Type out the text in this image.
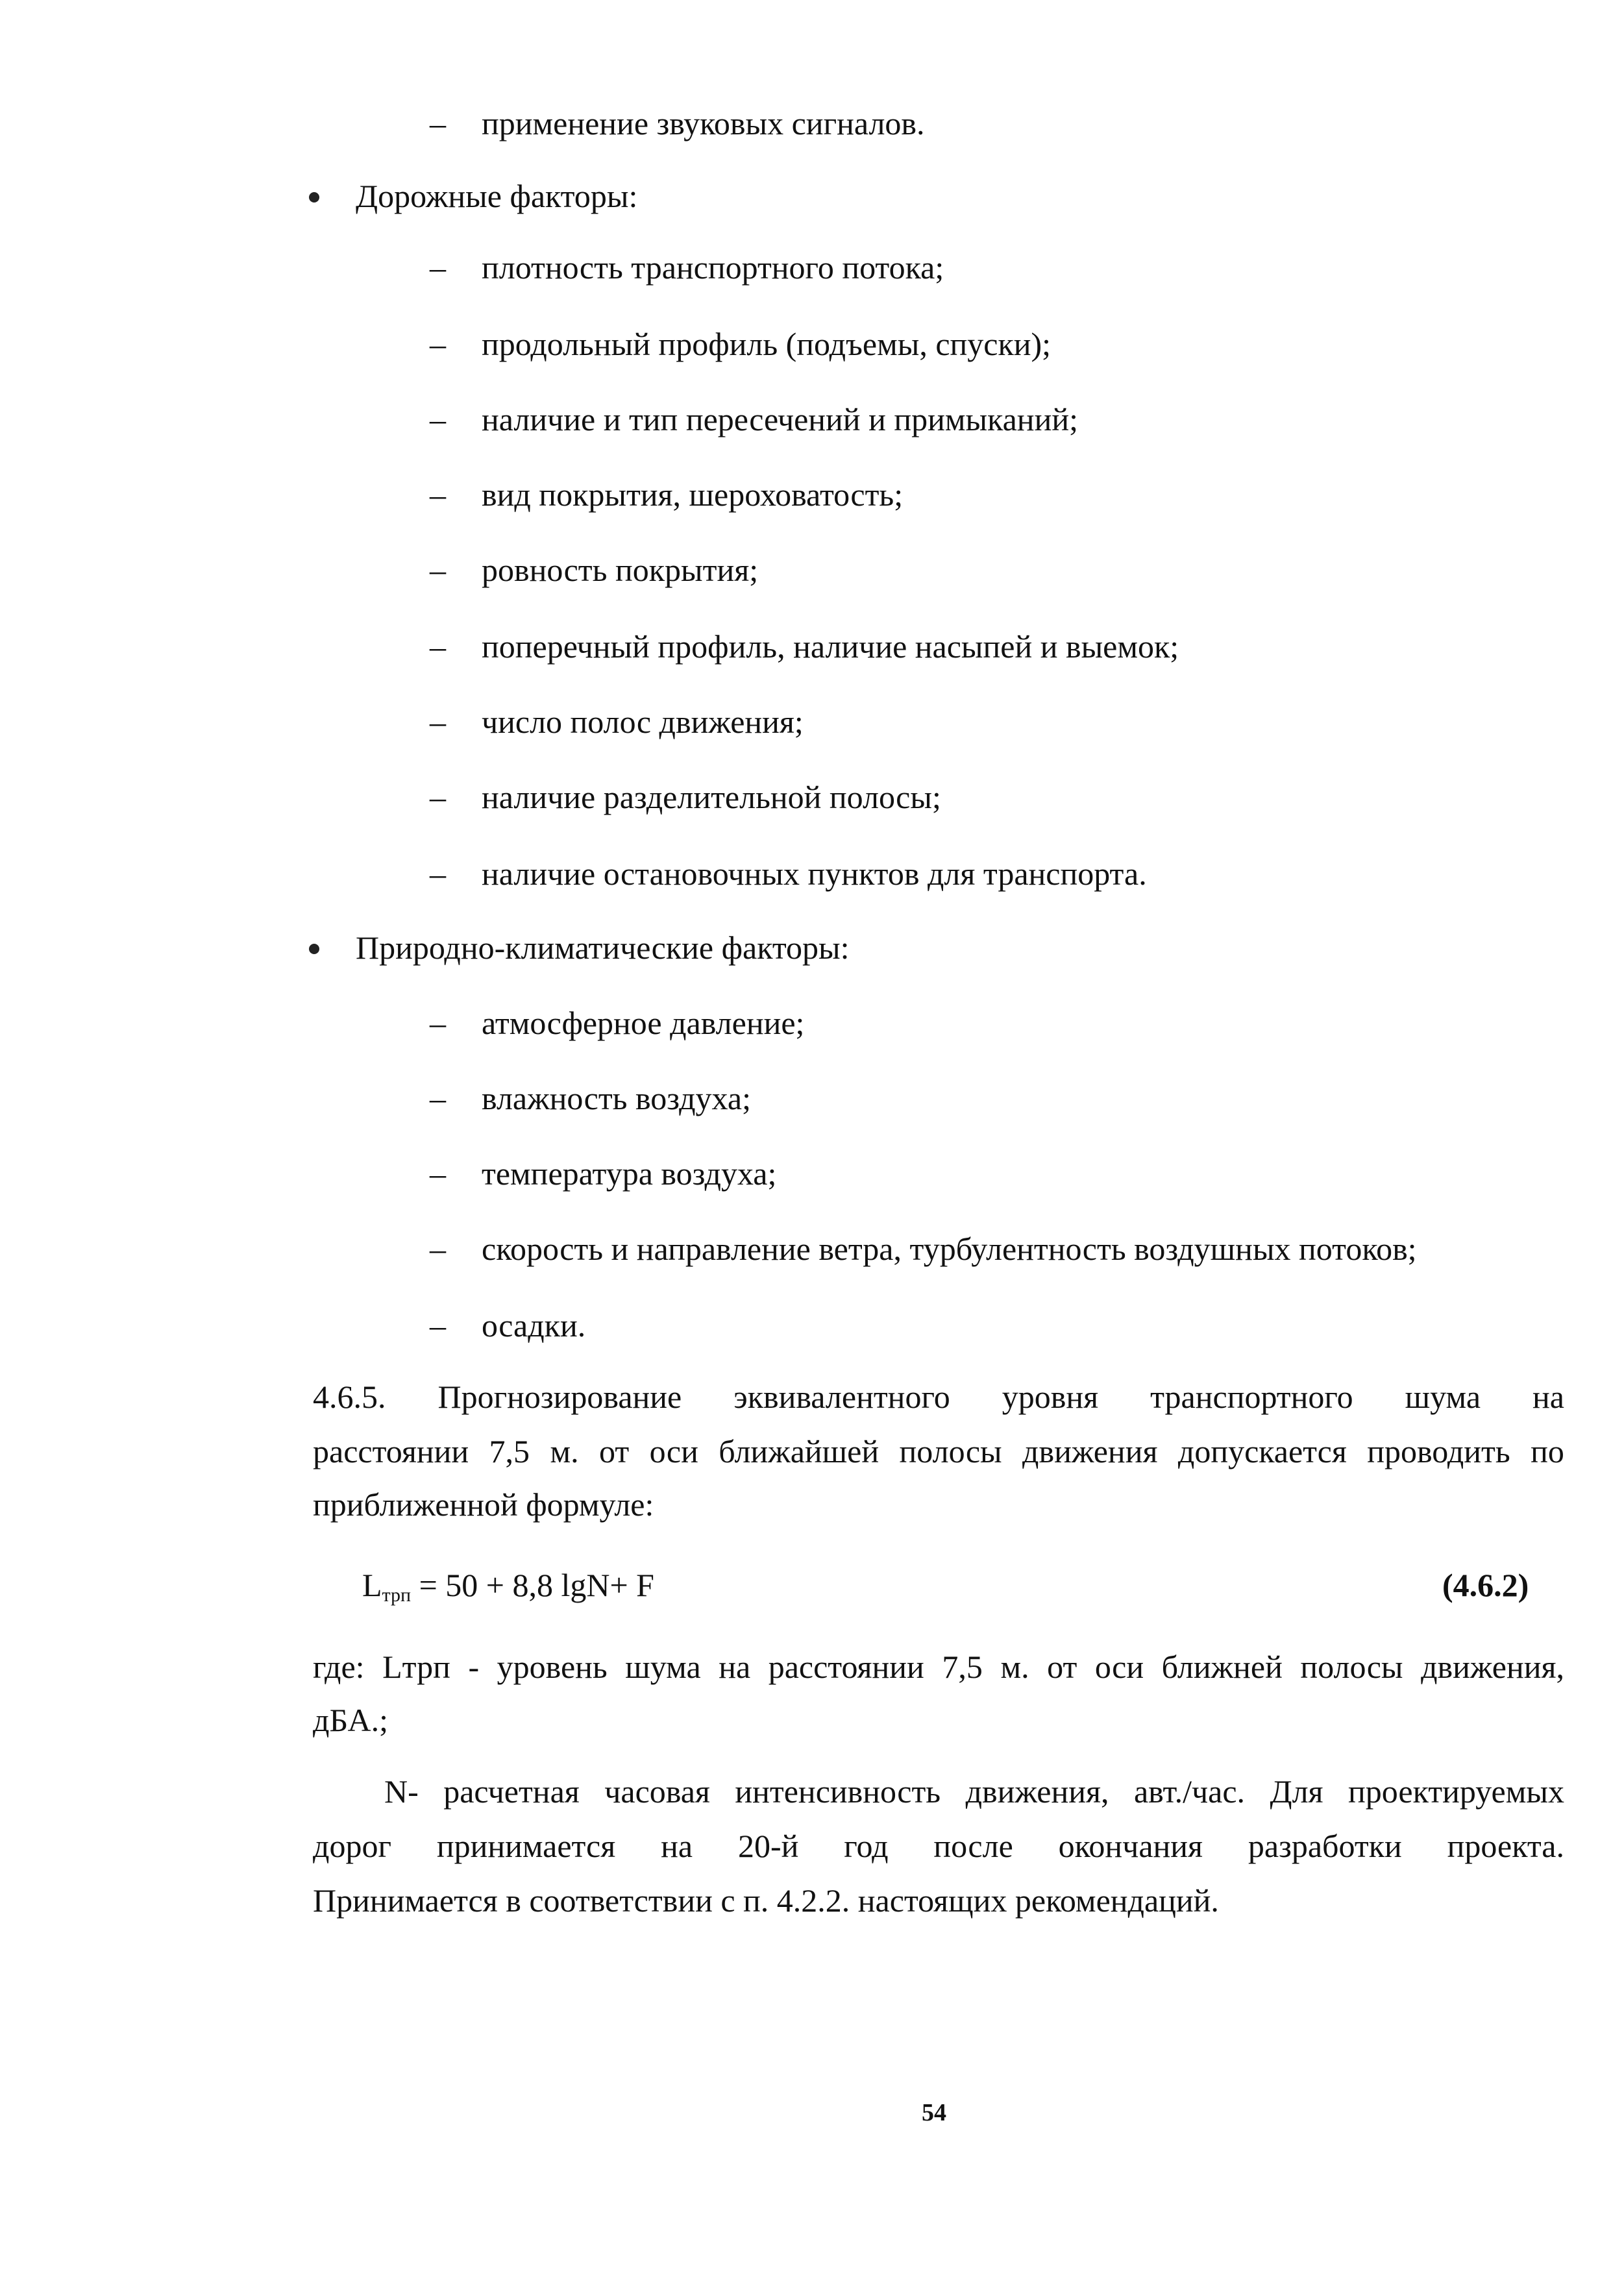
– применение звуковых сигналов.
Дорожные факторы:
– плотность транспортного потока;
– продольный профиль (подъемы, спуски);
– наличие и тип пересечений и примыканий;
– вид покрытия, шероховатость;
– ровность покрытия;
– поперечный профиль, наличие насыпей и выемок;
– число полос движения;
– наличие разделительной полосы;
– наличие остановочных пунктов для транспорта.
Природно-климатические факторы:
– атмосферное давление;
– влажность воздуха;
– температура воздуха;
– скорость и направление ветра, турбулентность воздушных потоков;
– осадки.
4.6.5. Прогнозирование эквивалентного уровня транспортного шума на
расстоянии 7,5 м. от оси ближайшей полосы движения допускается проводить по
приближенной формуле:
$L_{трп} = 50 + 8,8$ lgN+ F	(4.6.2)
где: Lтрп - уровень шума на расстоянии 7,5 м. от оси ближней полосы движения,
дБА.;
N- расчетная часовая интенсивность движения, авт./час. Для проектируемых
дорог принимается на 20-й год после окончания разработки проекта.
Принимается в соответствии с п. 4.2.2. настоящих рекомендаций.
54
